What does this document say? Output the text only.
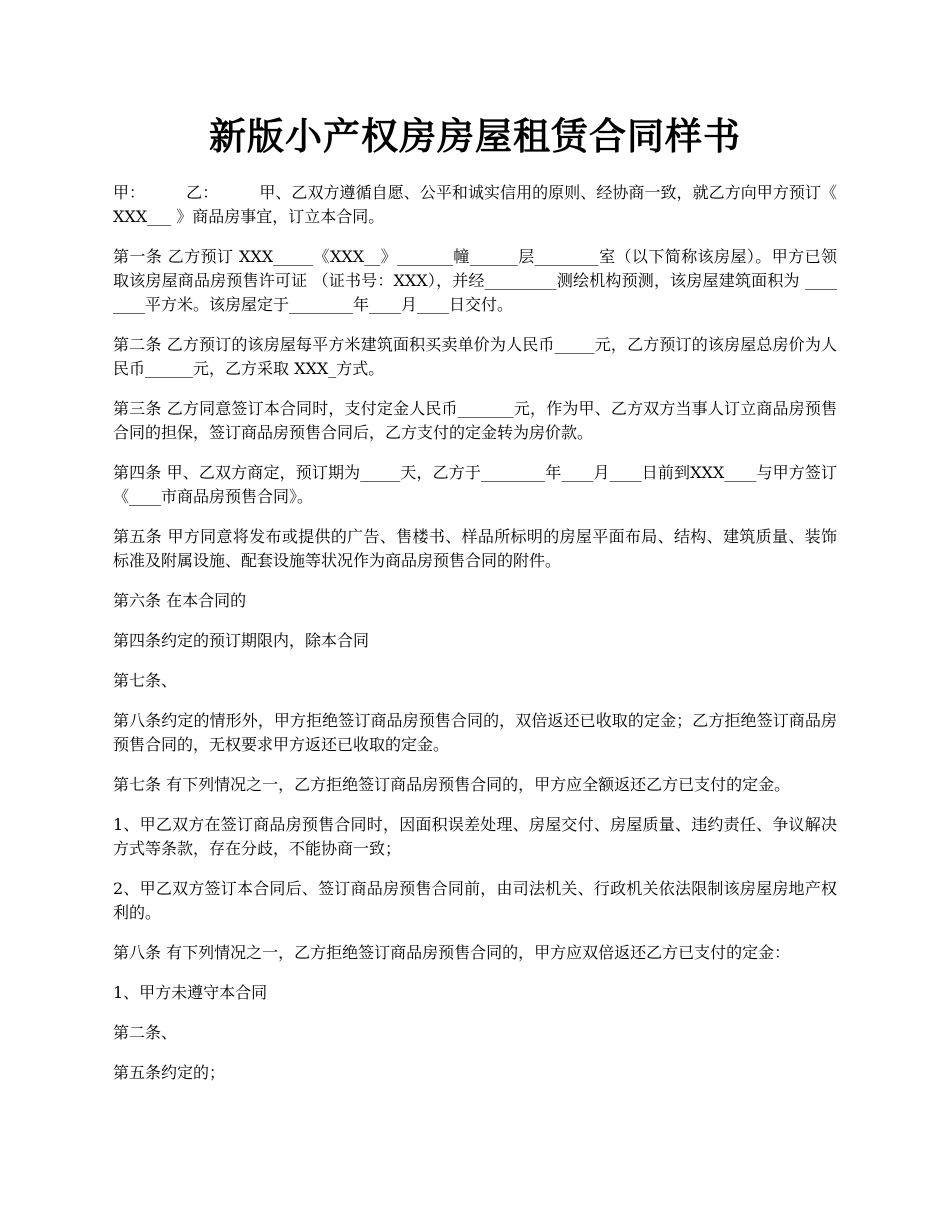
新版小产权房房屋租赁合同样书

甲：        乙：        甲、乙双方遵循自愿、公平和诚实信用的原则、经协商一致，就乙方向甲方预订《 XXX___ 》商品房事宜，订立本合同。

第一条 乙方预订 XXX_____《XXX__》_______幢______层________室（以下简称该房屋）。甲方已领取该房屋商品房预售许可证 （证书号：XXX），并经_________测绘机构预测，该房屋建筑面积为 ________平方米。该房屋定于________年____月____日交付。

第二条 乙方预订的该房屋每平方米建筑面积买卖单价为人民币_____元，乙方预订的该房屋总房价为人民币______元，乙方采取 XXX_方式。

第三条 乙方同意签订本合同时，支付定金人民币_______元，作为甲、乙方双方当事人订立商品房预售合同的担保，签订商品房预售合同后，乙方支付的定金转为房价款。

第四条 甲、乙双方商定，预订期为_____天，乙方于________年____月____日前到XXX____与甲方签订《____市商品房预售合同》。

第五条 甲方同意将发布或提供的广告、售楼书、样品所标明的房屋平面布局、结构、建筑质量、装饰标准及附属设施、配套设施等状况作为商品房预售合同的附件。

第六条 在本合同的

第四条约定的预订期限内，除本合同

第七条、

第八条约定的情形外，甲方拒绝签订商品房预售合同的，双倍返还已收取的定金；乙方拒绝签订商品房预售合同的，无权要求甲方返还已收取的定金。

第七条 有下列情况之一，乙方拒绝签订商品房预售合同的，甲方应全额返还乙方已支付的定金。

1、甲乙双方在签订商品房预售合同时，因面积误差处理、房屋交付、房屋质量、违约责任、争议解决方式等条款，存在分歧，不能协商一致；

2、甲乙双方签订本合同后、签订商品房预售合同前，由司法机关、行政机关依法限制该房屋房地产权利的。

第八条 有下列情况之一，乙方拒绝签订商品房预售合同的，甲方应双倍返还乙方已支付的定金：

1、甲方未遵守本合同

第二条、

第五条约定的；
